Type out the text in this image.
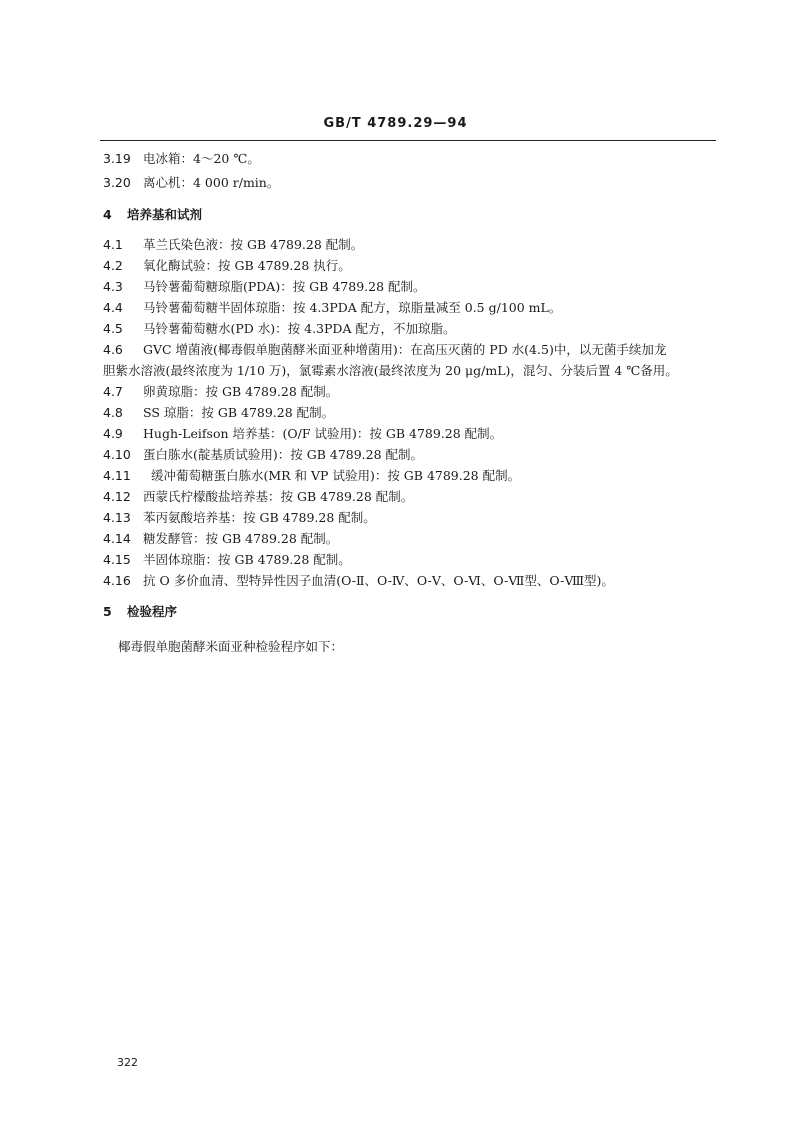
GB/T 4789.29—94
3.19 电冰箱：4～20 ℃。
3.20 离心机：4 000 r/min。
4 培养基和试剂
4.1 革兰氏染色液：按 GB 4789.28 配制。
4.2 氧化酶试验：按 GB 4789.28 执行。
4.3 马铃薯葡萄糖琼脂(PDA)：按 GB 4789.28 配制。
4.4 马铃薯葡萄糖半固体琼脂：按 4.3PDA 配方，琼脂量减至 0.5 g/100 mL。
4.5 马铃薯葡萄糖水(PD 水)：按 4.3PDA 配方，不加琼脂。
4.6 GVC 增菌液(椰毒假单胞菌酵米面亚种增菌用)：在高压灭菌的 PD 水(4.5)中，以无菌手续加龙
胆紫水溶液(最终浓度为 1/10 万)，氯霉素水溶液(最终浓度为 20 μg/mL)，混匀、分装后置 4 ℃备用。
4.7 卵黄琼脂：按 GB 4789.28 配制。
4.8 SS 琼脂：按 GB 4789.28 配制。
4.9 Hugh-Leifson 培养基：(O/F 试验用)：按 GB 4789.28 配制。
4.10 蛋白胨水(靛基质试验用)：按 GB 4789.28 配制。
4.11 缓冲葡萄糖蛋白胨水(MR 和 VP 试验用)：按 GB 4789.28 配制。
4.12 西蒙氏柠檬酸盐培养基：按 GB 4789.28 配制。
4.13 苯丙氨酸培养基：按 GB 4789.28 配制。
4.14 糖发酵管：按 GB 4789.28 配制。
4.15 半固体琼脂：按 GB 4789.28 配制。
4.16 抗 O 多价血清、型特异性因子血清(O-Ⅱ、O-Ⅳ、O-Ⅴ、O-Ⅵ、O-Ⅶ型、O-Ⅷ型)。
5 检验程序
椰毒假单胞菌酵米面亚种检验程序如下：
322
